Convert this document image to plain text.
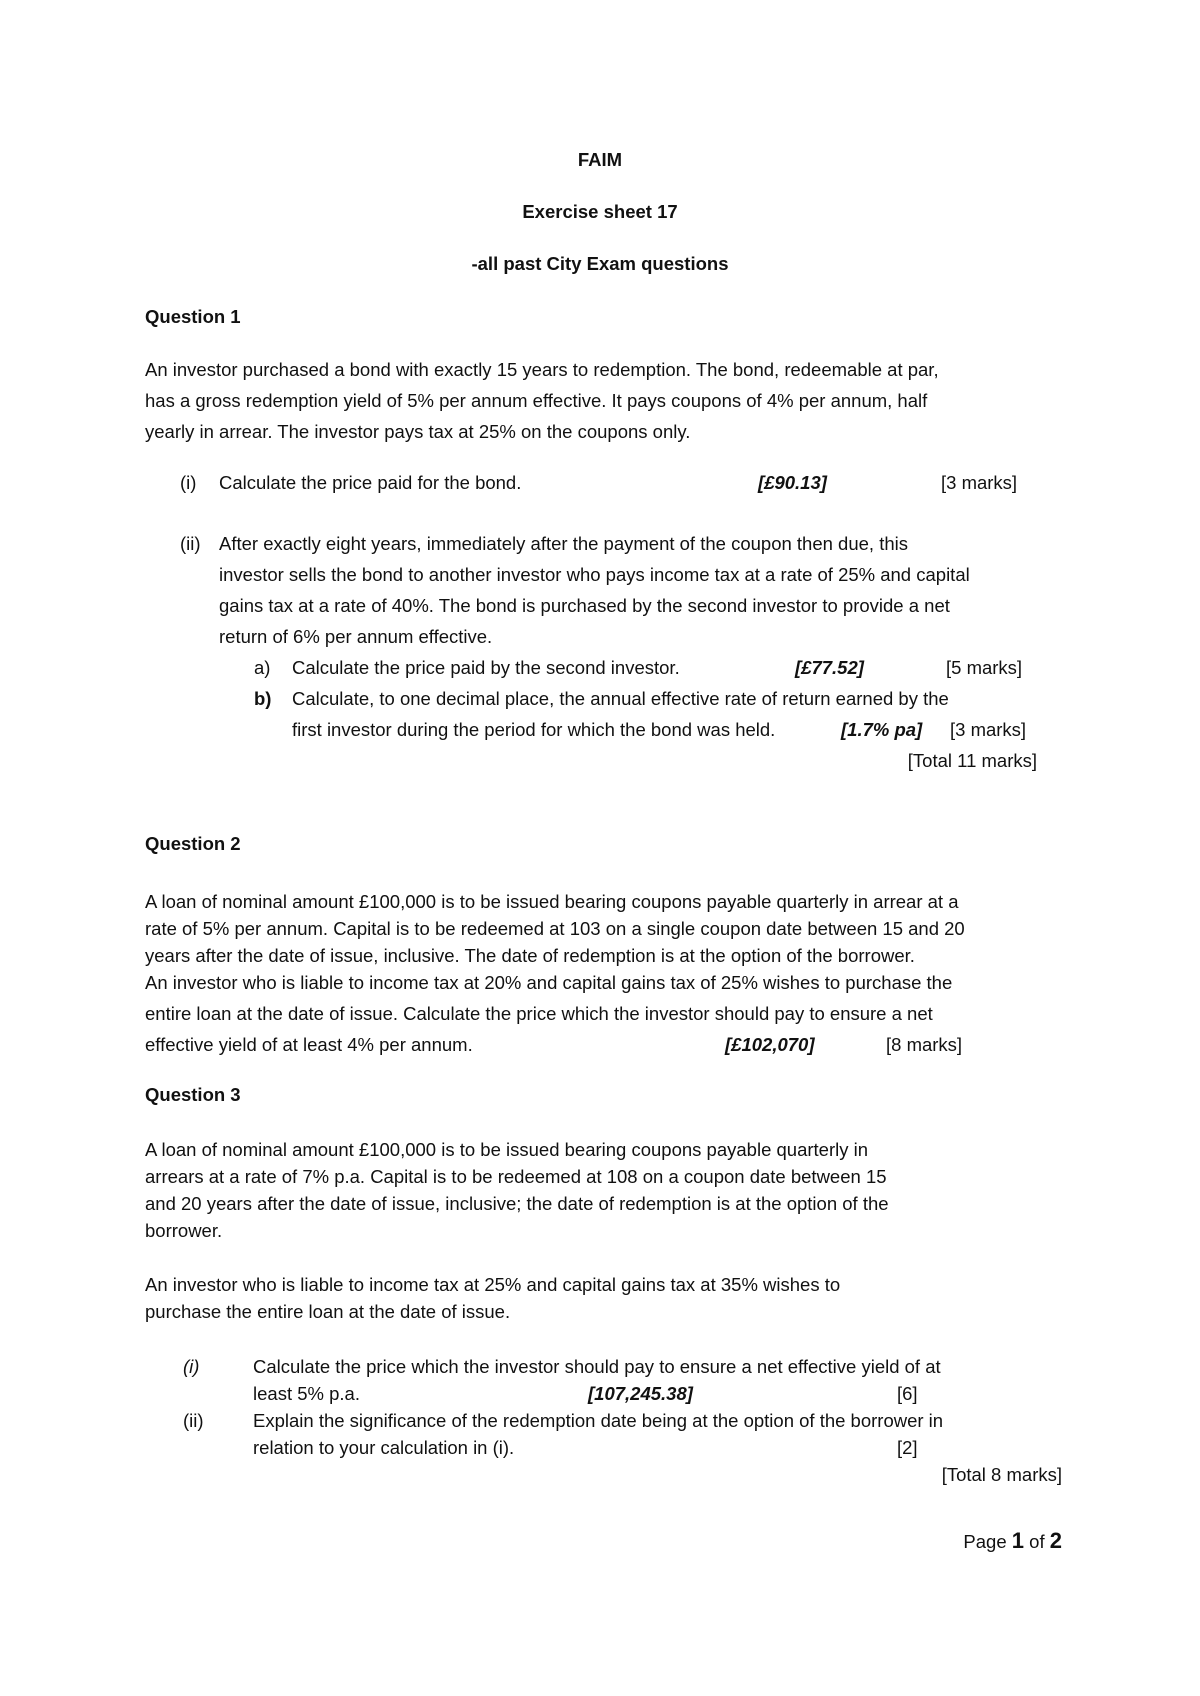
FAIM
Exercise sheet 17
-all past City Exam questions
Question 1
An investor purchased a bond with exactly 15 years to redemption. The bond, redeemable at par,
has a gross redemption yield of 5% per annum effective. It pays coupons of 4% per annum, half
yearly in arrear. The investor pays tax at 25% on the coupons only.
(i) Calculate the price paid for the bond.	[£90.13]	[3 marks]
(ii) After exactly eight years, immediately after the payment of the coupon then due, this
investor sells the bond to another investor who pays income tax at a rate of 25% and capital
gains tax at a rate of 40%. The bond is purchased by the second investor to provide a net
return of 6% per annum effective.
a) Calculate the price paid by the second investor.	[£77.52]	[5 marks]
b) Calculate, to one decimal place, the annual effective rate of return earned by the
first investor during the period for which the bond was held.	[1.7% pa] [3 marks]
[Total 11 marks]
Question 2
A loan of nominal amount £100,000 is to be issued bearing coupons payable quarterly in arrear at a
rate of 5% per annum. Capital is to be redeemed at 103 on a single coupon date between 15 and 20
years after the date of issue, inclusive. The date of redemption is at the option of the borrower.
An investor who is liable to income tax at 20% and capital gains tax of 25% wishes to purchase the
entire loan at the date of issue. Calculate the price which the investor should pay to ensure a net
effective yield of at least 4% per annum.	[£102,070]	[8 marks]
Question 3
A loan of nominal amount £100,000 is to be issued bearing coupons payable quarterly in
arrears at a rate of 7% p.a. Capital is to be redeemed at 108 on a coupon date between 15
and 20 years after the date of issue, inclusive; the date of redemption is at the option of the
borrower.
An investor who is liable to income tax at 25% and capital gains tax at 35% wishes to
purchase the entire loan at the date of issue.
(i)	Calculate the price which the investor should pay to ensure a net effective yield of at
least 5% p.a.	[107,245.38]	[6]
(ii)	Explain the significance of the redemption date being at the option of the borrower in
relation to your calculation in (i).	[2]
[Total 8 marks]
Page 1 of 2
